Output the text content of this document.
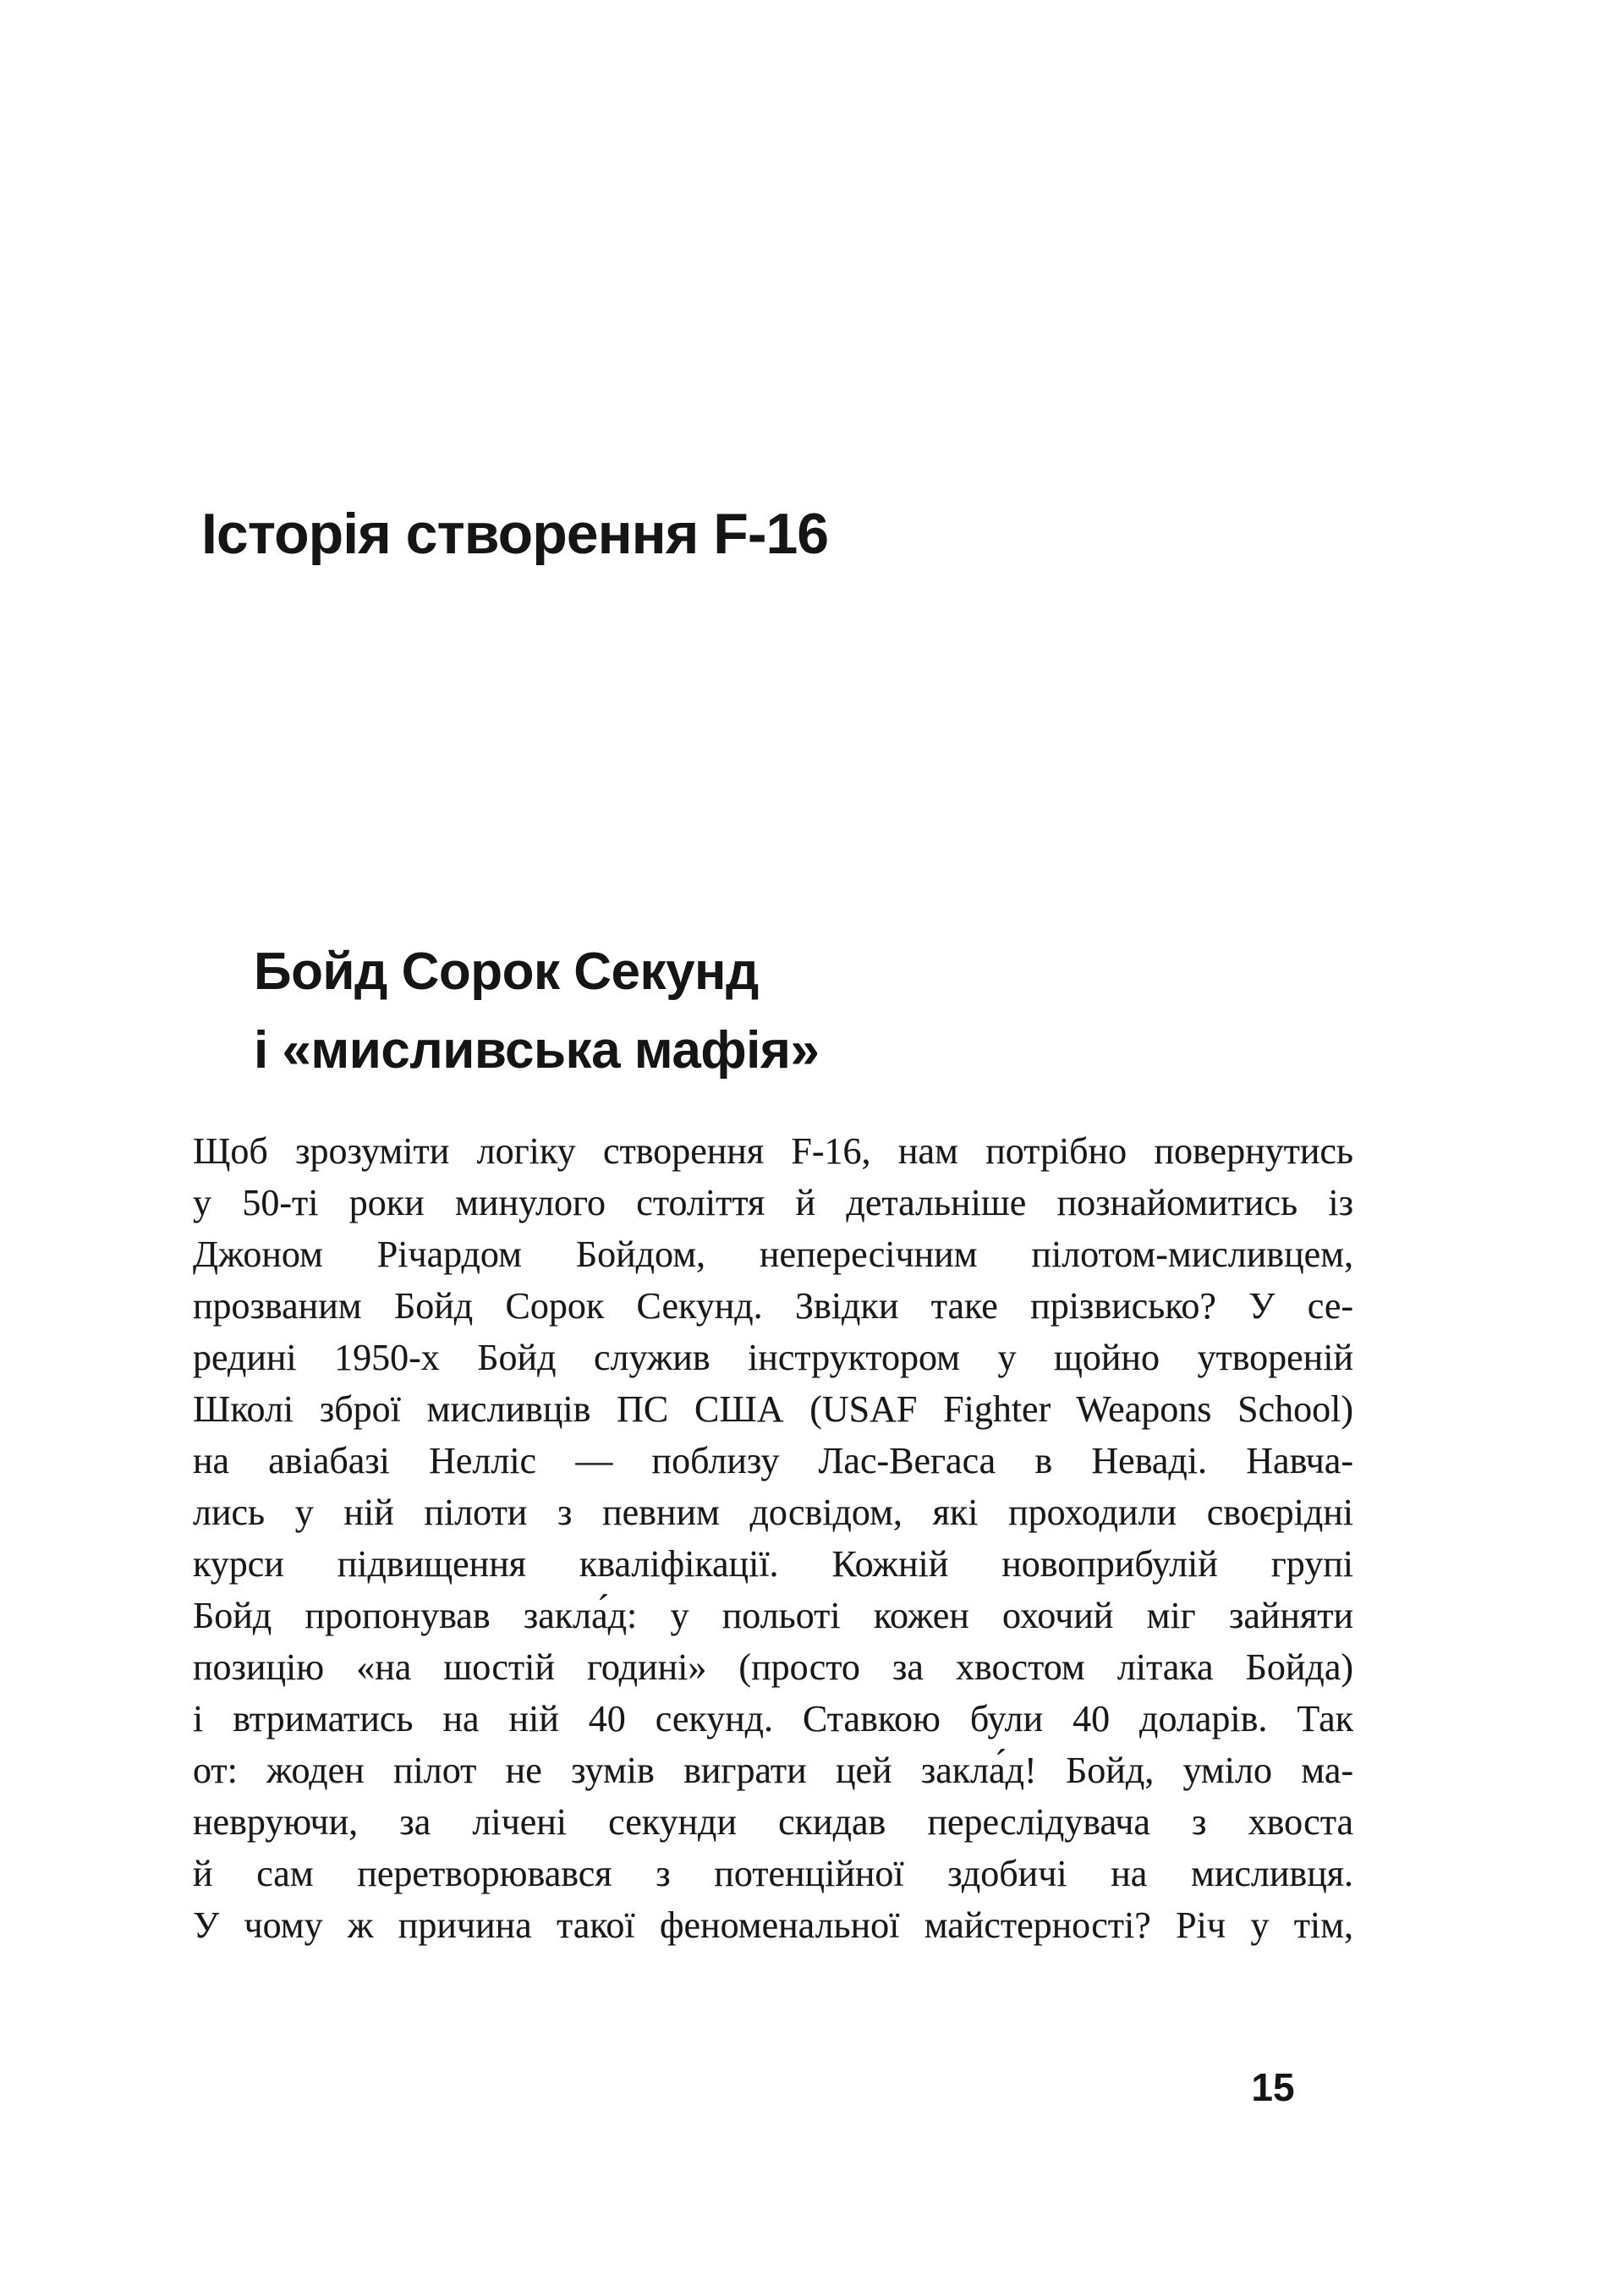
Історія створення F-16
Бойд Сорок Секунд
і «мисливська мафія»
Щоб зрозуміти логіку створення F-16, нам потрібно повернутись
у 50-ті роки минулого століття й детальніше познайомитись із
Джоном Річардом Бойдом, непересічним пілотом-мисливцем,
прозваним Бойд Сорок Секунд. Звідки таке прізвисько? У се-
редині 1950-х Бойд служив інструктором у щойно утвореній
Школі зброї мисливців ПС США (USAF Fighter Weapons School)
на авіабазі Нелліс — поблизу Лас-Вегаса в Неваді. Навча-
лись у ній пілоти з певним досвідом, які проходили своєрідні
курси підвищення кваліфікації. Кожній новоприбулій групі
Бойд пропонував закла́д: у польоті кожен охочий міг зайняти
позицію «на шостій годині» (просто за хвостом літака Бойда)
і втриматись на ній 40 секунд. Ставкою були 40 доларів. Так
от: жоден пілот не зумів виграти цей закла́д! Бойд, уміло ма-
невруючи, за лічені секунди скидав переслідувача з хвоста
й сам перетворювався з потенційної здобичі на мисливця.
У чому ж причина такої феноменальної майстерності? Річ у тім,
15
